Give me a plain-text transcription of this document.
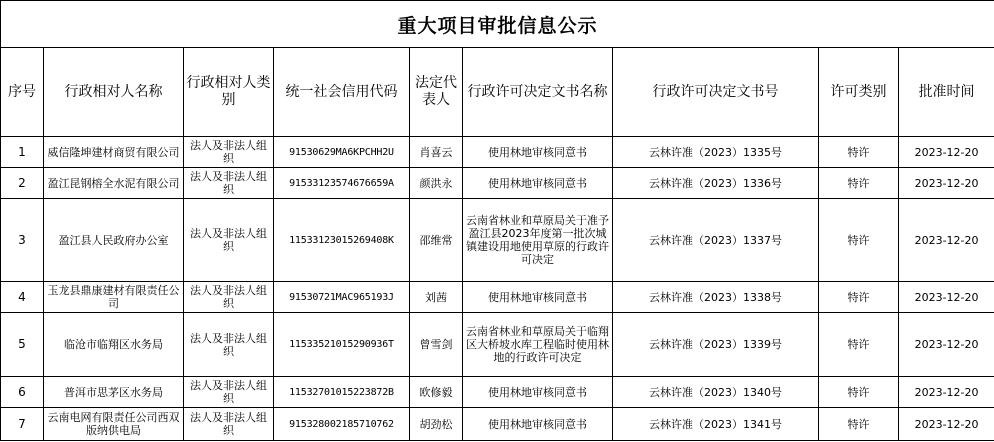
重大项目审批信息公示								
序号	行政相对人名称	行政相对人类别	统一社会信用代码	法定代表人	行政许可决定文书名称	行政许可决定文书号	许可类别	批准时间
1	威信隆坤建材商贸有限公司	法人及非法人组织	91530629MA6KPCHH2U	肖喜云	使用林地审核同意书	云林许准（2023）1335号	特许	2023-12-20
2	盈江昆钢榕全水泥有限公司	法人及非法人组织	91533123574676659A	颜洪永	使用林地审核同意书	云林许准（2023）1336号	特许	2023-12-20
3	盈江县人民政府办公室	法人及非法人组织	11533123015269408K	邵维常	云南省林业和草原局关于准予盈江县2023年度第一批次城镇建设用地使用草原的行政许可决定	云林许准（2023）1337号	特许	2023-12-20
4	玉龙县鼎康建材有限责任公司	法人及非法人组织	91530721MAC965193J	刘茜	使用林地审核同意书	云林许准（2023）1338号	特许	2023-12-20
5	临沧市临翔区水务局	法人及非法人组织	11533521015290936T	曾雪剑	云南省林业和草原局关于临翔区大桥坡水库工程临时使用林地的行政许可决定	云林许准（2023）1339号	特许	2023-12-20
6	普洱市思茅区水务局	法人及非法人组织	11532701015223872B	欧修毅	使用林地审核同意书	云林许准（2023）1340号	特许	2023-12-20
7	云南电网有限责任公司西双版纳供电局	法人及非法人组织	91532800218571076​2	胡劲松	使用林地审核同意书	云林许准（2023）1341号	特许	2023-12-20
